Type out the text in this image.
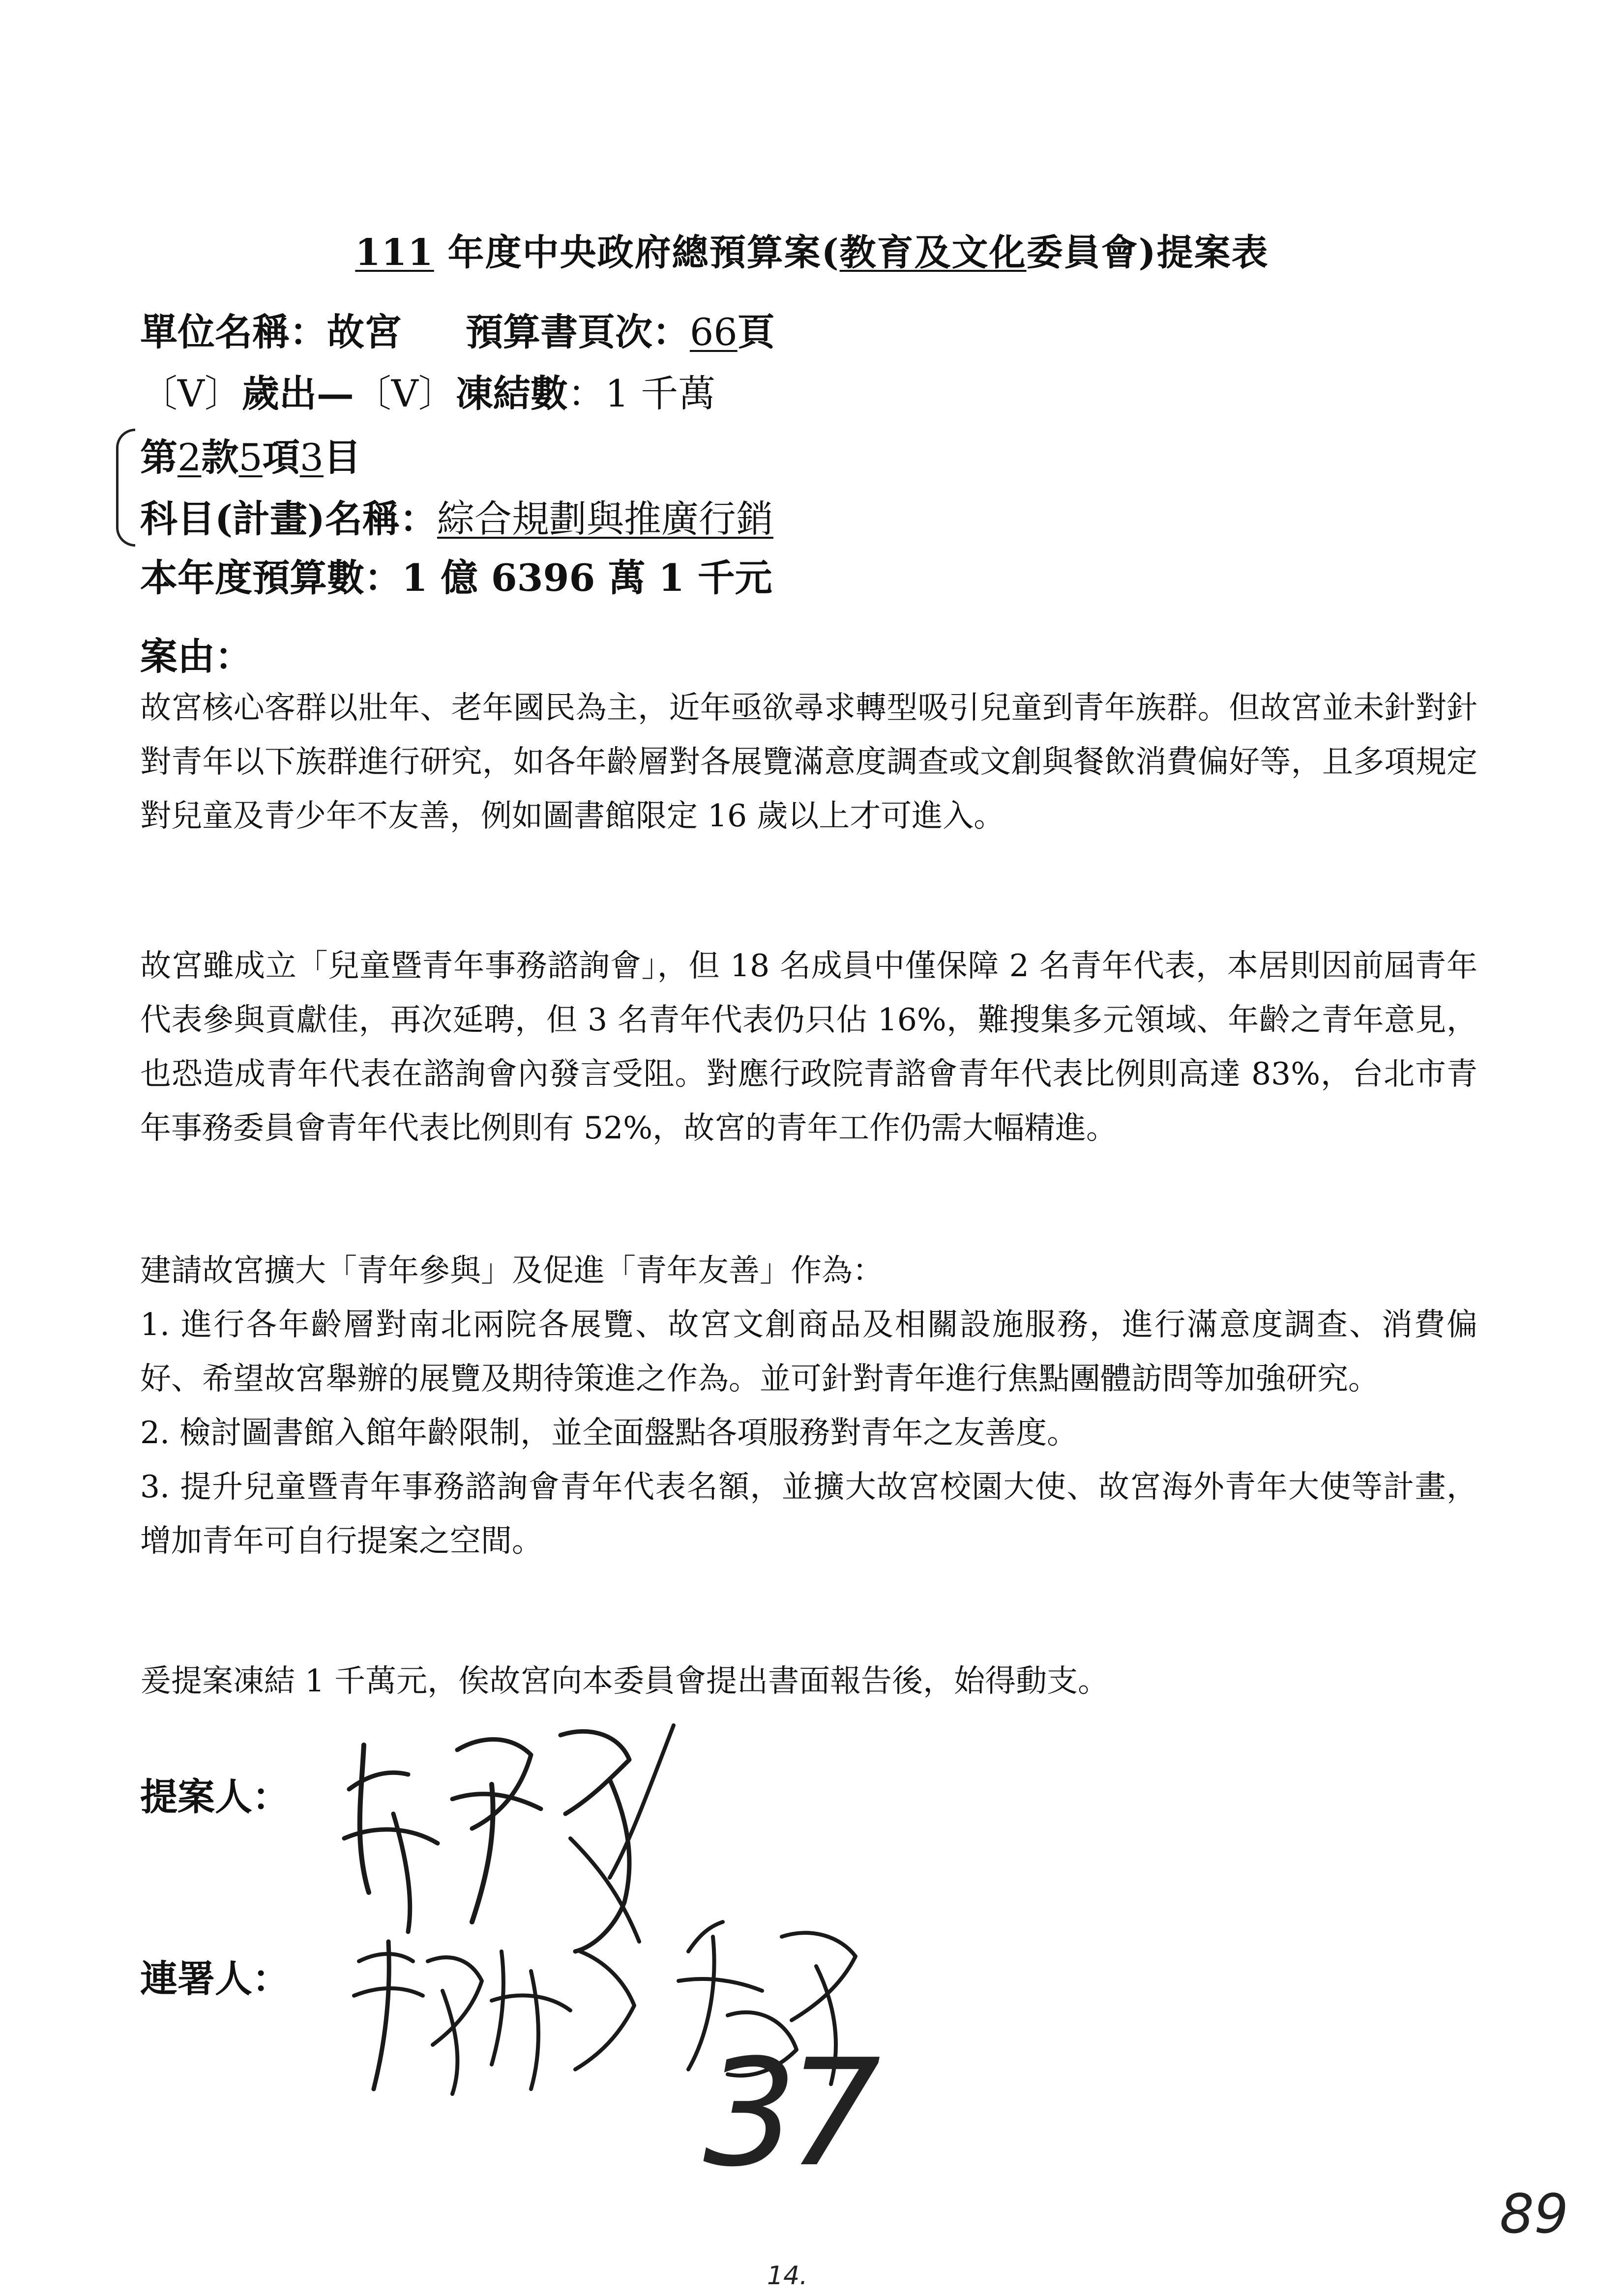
111 年度中央政府總預算案(教育及文化委員會)提案表
單位名稱：故宮 預算書頁次：66頁
〔V〕歲出—〔V〕凍結數：1 千萬
第2款5項3目
科目(計畫)名稱：綜合規劃與推廣行銷
本年度預算數：1 億 6396 萬 1 千元
案由：

故宮核心客群以壯年、老年國民為主，近年亟欲尋求轉型吸引兒童到青年族群。但故宮並未針對針對青年以下族群進行研究，如各年齡層對各展覽滿意度調查或文創與餐飲消費偏好等，且多項規定對兒童及青少年不友善，例如圖書館限定 16 歲以上才可進入。

故宮雖成立「兒童暨青年事務諮詢會」，但 18 名成員中僅保障 2 名青年代表，本居則因前屆青年代表參與貢獻佳，再次延聘，但 3 名青年代表仍只佔 16%，難搜集多元領域、年齡之青年意見，也恐造成青年代表在諮詢會內發言受阻。對應行政院青諮會青年代表比例則高達 83%，台北市青年事務委員會青年代表比例則有 52%，故宮的青年工作仍需大幅精進。

建請故宮擴大「青年參與」及促進「青年友善」作為：

1. 進行各年齡層對南北兩院各展覽、故宮文創商品及相關設施服務，進行滿意度調查、消費偏好、希望故宮舉辦的展覽及期待策進之作為。並可針對青年進行焦點團體訪問等加強研究。

2. 檢討圖書館入館年齡限制，並全面盤點各項服務對青年之友善度。

3. 提升兒童暨青年事務諮詢會青年代表名額，並擴大故宮校園大使、故宮海外青年大使等計畫，增加青年可自行提案之空間。

爰提案凍結 1 千萬元，俟故宮向本委員會提出書面報告後，始得動支。

提案人：
連署人：
37
14.
89
